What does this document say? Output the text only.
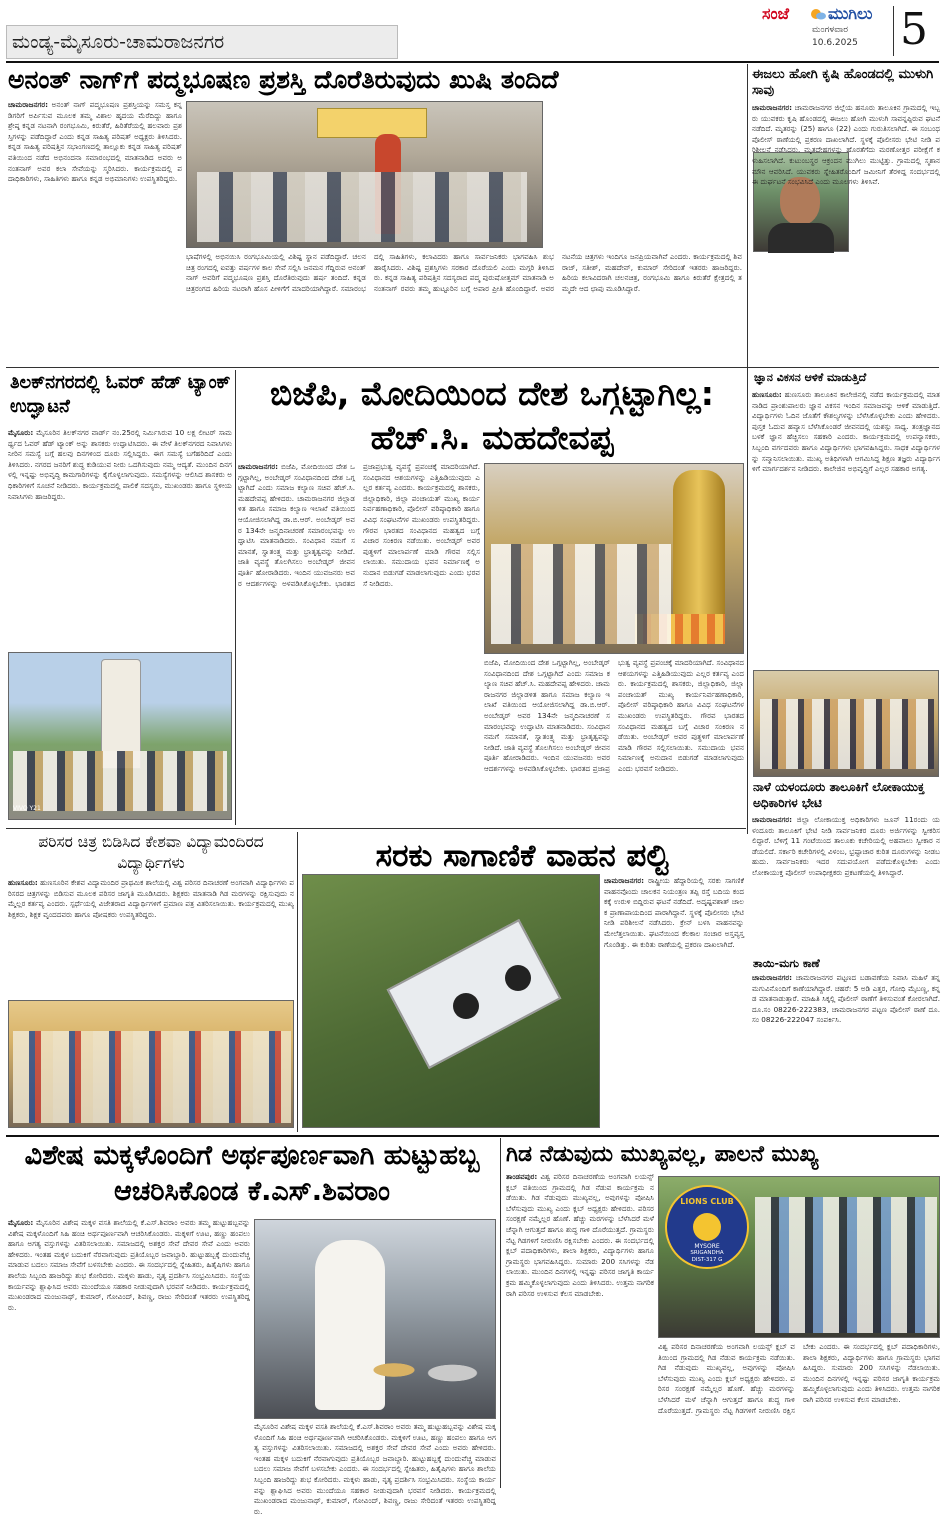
ಮಂಡ್ಯ-ಮೈಸೂರು-ಚಾಮರಾಜನಗರ
ಸಂಜೆ ಮುಗಿಲು
ಮಂಗಳವಾರ
10.6.2025 5
ಅನಂತ್ ನಾಗ್‌ಗೆ ಪದ್ಮಭೂಷಣ ಪ್ರಶಸ್ತಿ ದೊರೆತಿರುವುದು ಖುಷಿ ತಂದಿದೆ
ಚಾಮರಾಜನಗರ: ಅನಂತ್ ನಾಗ್ ಪದ್ಮಭೂಷಣ ಪ್ರಶಸ್ತಿಯನ್ನು ಸಮಸ್ತ ಕನ್ನಡಿಗರಿಗೆ ಅರ್ಪಿಸುವ ಮೂಲಕ ತಮ್ಮ ವಿಶಾಲ ಹೃದಯ ಮೆರೆದಿದ್ದು ಹಾಗೂ ಶ್ರೇಷ್ಠ ಕನ್ನಡ ನಟನಾಗಿ ರಂಗಭೂಮಿ, ಕಿರುತೆರೆ, ಹಿರಿತೆರೆಯಲ್ಲಿ ಹಲವಾರು ಪ್ರಶಸ್ತಿಗಳನ್ನು ಪಡೆದಿದ್ದಾರೆ ಎಂದು ಕನ್ನಡ ಸಾಹಿತ್ಯ ಪರಿಷತ್ ಅಧ್ಯಕ್ಷರು ತಿಳಿಸಿದರು. ಕನ್ನಡ ಸಾಹಿತ್ಯ ಪರಿಷತ್ತಿನ ಸಭಾಂಗಣದಲ್ಲಿ ತಾಲ್ಲೂಕು ಕನ್ನಡ ಸಾಹಿತ್ಯ ಪರಿಷತ್ ವತಿಯಿಂದ ನಡೆದ ಅಭಿನಂದನಾ ಸಮಾರಂಭದಲ್ಲಿ ಮಾತನಾಡಿದ ಅವರು ಅನಂತನಾಗ್ ಅವರ ಕಲಾ ಸೇವೆಯನ್ನು ಸ್ಮರಿಸಿದರು. ಕಾರ್ಯಕ್ರಮದಲ್ಲಿ ಪದಾಧಿಕಾರಿಗಳು, ಸಾಹಿತಿಗಳು ಹಾಗೂ ಕನ್ನಡ ಅಭಿಮಾನಿಗಳು ಉಪಸ್ಥಿತರಿದ್ದರು.
ಭಾಷೆಗಳಲ್ಲಿ ಅಭಿನಯಿಸಿ ರಂಗಭೂಮಿಯಲ್ಲಿ ವಿಶಿಷ್ಟ ಸ್ಥಾನ ಪಡೆದಿದ್ದಾರೆ. ಚಲನಚಿತ್ರ ರಂಗದಲ್ಲಿ ಐವತ್ತು ವರ್ಷಗಳ ಕಾಲ ಸೇವೆ ಸಲ್ಲಿಸಿ ಜನಮನ ಗೆದ್ದಿರುವ ಅನಂತ್ ನಾಗ್ ಅವರಿಗೆ ಪದ್ಮಭೂಷಣ ಪ್ರಶಸ್ತಿ ದೊರೆತಿರುವುದು ಹರ್ಷ ತಂದಿದೆ. ಕನ್ನಡ ಚಿತ್ರರಂಗದ ಹಿರಿಯ ನಟರಾಗಿ ಹೊಸ ಪೀಳಿಗೆಗೆ ಮಾದರಿಯಾಗಿದ್ದಾರೆ. ಸಮಾರಂಭದಲ್ಲಿ ಸಾಹಿತಿಗಳು, ಕಲಾವಿದರು ಹಾಗೂ ಸಾರ್ವಜನಿಕರು ಭಾಗವಹಿಸಿ ಶುಭ ಹಾರೈಸಿದರು. ವಿಶಿಷ್ಟ ಪ್ರಶಸ್ತಿಗಳು ಸರಕಾರ ದೊರೆಯಲಿ ಎಂದು ಮಗ್ಗರಿ ತಿಳಿಸಿದರು. ಕನ್ನಡ ಸಾಹಿತ್ಯ ಪರಿಷತ್ತಿನ ಸದಸ್ಯರಾದ ಪದ್ಮ ಪುರುಷೋತ್ತಮ್ ಮಾತನಾಡಿ ಅನಂತನಾಗ್ ರವರು ತಮ್ಮ ಹುಟ್ಟೂರಿನ ಬಗ್ಗೆ ಅಪಾರ ಪ್ರೀತಿ ಹೊಂದಿದ್ದಾರೆ. ಅವರ ನಟನೆಯ ಚಿತ್ರಗಳು ಇಂದಿಗೂ ಜನಪ್ರಿಯವಾಗಿವೆ ಎಂದರು. ಕಾರ್ಯಕ್ರಮದಲ್ಲಿ ಶಿವರಾಜ್, ಸತೀಶ್, ಮಹದೇವ್, ಕುಮಾರ್ ಸೇರಿದಂತೆ ಇತರರು ಹಾಜರಿದ್ದರು. ಹಿರಿಯ ಕಲಾವಿದರಾಗಿ ಚಲನಚಿತ್ರ, ರಂಗಭೂಮಿ ಹಾಗೂ ಕಿರುತೆರೆ ಕ್ಷೇತ್ರದಲ್ಲಿ ತಮ್ಮದೇ ಆದ ಛಾಪು ಮೂಡಿಸಿದ್ದಾರೆ.
ಈಜಲು ಹೋಗಿ ಕೃಷಿ ಹೊಂಡದಲ್ಲಿ ಮುಳುಗಿ ಸಾವು
ಚಾಮರಾಜನಗರ: ಚಾಮರಾಜನಗರ ಜಿಲ್ಲೆಯ ಹನೂರು ತಾಲೂಕಿನ ಗ್ರಾಮದಲ್ಲಿ ಇಬ್ಬರು ಯುವಕರು ಕೃಷಿ ಹೊಂಡದಲ್ಲಿ ಈಜಲು ಹೋಗಿ ಮುಳುಗಿ ಸಾವನ್ನಪ್ಪಿರುವ ಘಟನೆ ನಡೆದಿದೆ. ಮೃತರನ್ನು (25) ಹಾಗೂ (22) ಎಂದು ಗುರುತಿಸಲಾಗಿದೆ. ಈ ಸಂಬಂಧ ಪೊಲೀಸ್ ಠಾಣೆಯಲ್ಲಿ ಪ್ರಕರಣ ದಾಖಲಾಗಿದೆ. ಸ್ಥಳಕ್ಕೆ ಪೊಲೀಸರು ಭೇಟಿ ನೀಡಿ ಪರಿಶೀಲನೆ ನಡೆಸಿದರು. ಮೃತದೇಹಗಳನ್ನು ಹೊರತೆಗೆದು ಮರಣೋತ್ತರ ಪರೀಕ್ಷೆಗೆ ಕಳುಹಿಸಲಾಗಿದೆ. ಕುಟುಂಬಸ್ಥರ ಆಕ್ರಂದನ ಮುಗಿಲು ಮುಟ್ಟಿತ್ತು. ಗ್ರಾಮದಲ್ಲಿ ಸ್ಮಶಾನ ಮೌನ ಆವರಿಸಿದೆ. ಯುವಕರು ಸ್ನೇಹಿತರೊಂದಿಗೆ ಜಮೀನಿಗೆ ತೆರಳಿದ್ದ ಸಂದರ್ಭದಲ್ಲಿ ಈ ದುರ್ಘಟನೆ ಸಂಭವಿಸಿದೆ ಎಂದು ಮೂಲಗಳು ತಿಳಿಸಿವೆ.
ತಿಲಕ್‌ನಗರದಲ್ಲಿ ಓವರ್ ಹೆಡ್ ಟ್ಯಾಂಕ್ ಉದ್ಘಾಟನೆ
ಮೈಸೂರು: ಮೈಸೂರಿನ ತಿಲಕ್‌ನಗರ ವಾರ್ಡ್ ನಂ.25ರಲ್ಲಿ ನಿರ್ಮಿಸಿರುವ 10 ಲಕ್ಷ ಲೀಟರ್ ಸಾಮರ್ಥ್ಯದ ಓವರ್ ಹೆಡ್ ಟ್ಯಾಂಕ್ ಅನ್ನು ಶಾಸಕರು ಉದ್ಘಾಟಿಸಿದರು. ಈ ವೇಳೆ ತಿಲಕ್‌ನಗರದ ನಿವಾಸಿಗಳು ನೀರಿನ ಸಮಸ್ಯೆ ಬಗ್ಗೆ ಹಲವು ದಿನಗಳಿಂದ ದೂರು ಸಲ್ಲಿಸಿದ್ದರು. ಈಗ ಸಮಸ್ಯೆ ಬಗೆಹರಿದಿದೆ ಎಂದು ತಿಳಿಸಿದರು. ನಗರದ ಜನರಿಗೆ ಶುದ್ಧ ಕುಡಿಯುವ ನೀರು ಒದಗಿಸುವುದು ನಮ್ಮ ಆದ್ಯತೆ. ಮುಂದಿನ ದಿನಗಳಲ್ಲಿ ಇನ್ನಷ್ಟು ಅಭಿವೃದ್ಧಿ ಕಾಮಗಾರಿಗಳನ್ನು ಕೈಗೊಳ್ಳಲಾಗುವುದು. ಸಮಸ್ಯೆಗಳನ್ನು ಆಲಿಸಿದ ಶಾಸಕರು ಅಧಿಕಾರಿಗಳಿಗೆ ಸೂಚನೆ ನೀಡಿದರು. ಕಾರ್ಯಕ್ರಮದಲ್ಲಿ ಪಾಲಿಕೆ ಸದಸ್ಯರು, ಮುಖಂಡರು ಹಾಗೂ ಸ್ಥಳೀಯ ನಿವಾಸಿಗಳು ಹಾಜರಿದ್ದರು.
VIVO Y21
ಬಿಜೆಪಿ, ಮೋದಿಯಿಂದ ದೇಶ ಒಗ್ಗಟ್ಟಾಗಿಲ್ಲ: ಹೆಚ್.ಸಿ. ಮಹದೇವಪ್ಪ
ಚಾಮರಾಜನಗರ: ಬಿಜೆಪಿ, ಮೋದಿಯಿಂದ ದೇಶ ಒಗ್ಗಟ್ಟಾಗಿಲ್ಲ, ಅಂಬೇಡ್ಕರ್ ಸಂವಿಧಾನದಿಂದ ದೇಶ ಒಗ್ಗಟ್ಟಾಗಿದೆ ಎಂದು ಸಮಾಜ ಕಲ್ಯಾಣ ಸಚಿವ ಹೆಚ್.ಸಿ. ಮಹದೇವಪ್ಪ ಹೇಳಿದರು. ಚಾಮರಾಜನಗರ ಜಿಲ್ಲಾಡಳಿತ ಹಾಗೂ ಸಮಾಜ ಕಲ್ಯಾಣ ಇಲಾಖೆ ವತಿಯಿಂದ ಆಯೋಜಿಸಲಾಗಿದ್ದ ಡಾ.ಬಿ.ಆರ್. ಅಂಬೇಡ್ಕರ್ ಅವರ 134ನೇ ಜನ್ಮದಿನಾಚರಣೆ ಸಮಾರಂಭವನ್ನು ಉದ್ಘಾಟಿಸಿ ಮಾತನಾಡಿದರು. ಸಂವಿಧಾನ ನಮಗೆ ಸಮಾನತೆ, ಸ್ವಾತಂತ್ರ್ಯ ಮತ್ತು ಭ್ರಾತೃತ್ವವನ್ನು ನೀಡಿದೆ. ಜಾತಿ ವ್ಯವಸ್ಥೆ ತೊಲಗಿಸಲು ಅಂಬೇಡ್ಕರ್ ಜೀವನಪೂರ್ತಿ ಹೋರಾಡಿದರು. ಇಂದಿನ ಯುವಜನರು ಅವರ ಆದರ್ಶಗಳನ್ನು ಅಳವಡಿಸಿಕೊಳ್ಳಬೇಕು. ಭಾರತದ ಪ್ರಜಾಪ್ರಭುತ್ವ ವ್ಯವಸ್ಥೆ ಪ್ರಪಂಚಕ್ಕೆ ಮಾದರಿಯಾಗಿದೆ. ಸಂವಿಧಾನದ ಆಶಯಗಳನ್ನು ಎತ್ತಿಹಿಡಿಯುವುದು ಎಲ್ಲರ ಕರ್ತವ್ಯ ಎಂದರು. ಕಾರ್ಯಕ್ರಮದಲ್ಲಿ ಶಾಸಕರು, ಜಿಲ್ಲಾಧಿಕಾರಿ, ಜಿಲ್ಲಾ ಪಂಚಾಯತ್ ಮುಖ್ಯ ಕಾರ್ಯನಿರ್ವಹಣಾಧಿಕಾರಿ, ಪೊಲೀಸ್ ವರಿಷ್ಠಾಧಿಕಾರಿ ಹಾಗೂ ವಿವಿಧ ಸಂಘಟನೆಗಳ ಮುಖಂಡರು ಉಪಸ್ಥಿತರಿದ್ದರು. ಗೌರವ ಭಾರತದ ಸಂವಿಧಾನದ ಮಹತ್ವದ ಬಗ್ಗೆ ವಿಚಾರ ಸಂಕಿರಣ ನಡೆಯಿತು. ಅಂಬೇಡ್ಕರ್ ಅವರ ಪುತ್ಥಳಿಗೆ ಮಾಲಾರ್ಪಣೆ ಮಾಡಿ ಗೌರವ ಸಲ್ಲಿಸಲಾಯಿತು. ಸಮುದಾಯ ಭವನ ನಿರ್ಮಾಣಕ್ಕೆ ಅನುದಾನ ಬಿಡುಗಡೆ ಮಾಡಲಾಗುವುದು ಎಂದು ಭರವಸೆ ನೀಡಿದರು.
ಬಿಜೆಪಿ, ಮೋದಿಯಿಂದ ದೇಶ ಒಗ್ಗಟ್ಟಾಗಿಲ್ಲ, ಅಂಬೇಡ್ಕರ್ ಸಂವಿಧಾನದಿಂದ ದೇಶ ಒಗ್ಗಟ್ಟಾಗಿದೆ ಎಂದು ಸಮಾಜ ಕಲ್ಯಾಣ ಸಚಿವ ಹೆಚ್.ಸಿ. ಮಹದೇವಪ್ಪ ಹೇಳಿದರು. ಚಾಮರಾಜನಗರ ಜಿಲ್ಲಾಡಳಿತ ಹಾಗೂ ಸಮಾಜ ಕಲ್ಯಾಣ ಇಲಾಖೆ ವತಿಯಿಂದ ಆಯೋಜಿಸಲಾಗಿದ್ದ ಡಾ.ಬಿ.ಆರ್. ಅಂಬೇಡ್ಕರ್ ಅವರ 134ನೇ ಜನ್ಮದಿನಾಚರಣೆ ಸಮಾರಂಭವನ್ನು ಉದ್ಘಾಟಿಸಿ ಮಾತನಾಡಿದರು. ಸಂವಿಧಾನ ನಮಗೆ ಸಮಾನತೆ, ಸ್ವಾತಂತ್ರ್ಯ ಮತ್ತು ಭ್ರಾತೃತ್ವವನ್ನು ನೀಡಿದೆ. ಜಾತಿ ವ್ಯವಸ್ಥೆ ತೊಲಗಿಸಲು ಅಂಬೇಡ್ಕರ್ ಜೀವನಪೂರ್ತಿ ಹೋರಾಡಿದರು. ಇಂದಿನ ಯುವಜನರು ಅವರ ಆದರ್ಶಗಳನ್ನು ಅಳವಡಿಸಿಕೊಳ್ಳಬೇಕು. ಭಾರತದ ಪ್ರಜಾಪ್ರಭುತ್ವ ವ್ಯವಸ್ಥೆ ಪ್ರಪಂಚಕ್ಕೆ ಮಾದರಿಯಾಗಿದೆ. ಸಂವಿಧಾನದ ಆಶಯಗಳನ್ನು ಎತ್ತಿಹಿಡಿಯುವುದು ಎಲ್ಲರ ಕರ್ತವ್ಯ ಎಂದರು. ಕಾರ್ಯಕ್ರಮದಲ್ಲಿ ಶಾಸಕರು, ಜಿಲ್ಲಾಧಿಕಾರಿ, ಜಿಲ್ಲಾ ಪಂಚಾಯತ್ ಮುಖ್ಯ ಕಾರ್ಯನಿರ್ವಹಣಾಧಿಕಾರಿ, ಪೊಲೀಸ್ ವರಿಷ್ಠಾಧಿಕಾರಿ ಹಾಗೂ ವಿವಿಧ ಸಂಘಟನೆಗಳ ಮುಖಂಡರು ಉಪಸ್ಥಿತರಿದ್ದರು. ಗೌರವ ಭಾರತದ ಸಂವಿಧಾನದ ಮಹತ್ವದ ಬಗ್ಗೆ ವಿಚಾರ ಸಂಕಿರಣ ನಡೆಯಿತು. ಅಂಬೇಡ್ಕರ್ ಅವರ ಪುತ್ಥಳಿಗೆ ಮಾಲಾರ್ಪಣೆ ಮಾಡಿ ಗೌರವ ಸಲ್ಲಿಸಲಾಯಿತು. ಸಮುದಾಯ ಭವನ ನಿರ್ಮಾಣಕ್ಕೆ ಅನುದಾನ ಬಿಡುಗಡೆ ಮಾಡಲಾಗುವುದು ಎಂದು ಭರವಸೆ ನೀಡಿದರು.
ಜ್ಞಾನ ವಿಕಸನ ಆಳಿಕೆ ಮಾಡುತ್ತಿದೆ
ಹುಣಸೂರು: ಹುಣಸೂರು ತಾಲೂಕಿನ ಕಾಲೇಜಿನಲ್ಲಿ ನಡೆದ ಕಾರ್ಯಕ್ರಮದಲ್ಲಿ ಮಾತನಾಡಿದ ಪ್ರಾಂಶುಪಾಲರು ಜ್ಞಾನ ವಿಕಸನ ಇಂದಿನ ಸಮಾಜವನ್ನು ಆಳಿಕೆ ಮಾಡುತ್ತಿದೆ. ವಿದ್ಯಾರ್ಥಿಗಳು ಓದಿನ ಜೊತೆಗೆ ಕೌಶಲ್ಯಗಳನ್ನು ಬೆಳೆಸಿಕೊಳ್ಳಬೇಕು ಎಂದು ಹೇಳಿದರು. ಪುಸ್ತಕ ಓದುವ ಹವ್ಯಾಸ ಬೆಳೆಸಿಕೊಂಡರೆ ಜೀವನದಲ್ಲಿ ಯಶಸ್ಸು ಸಾಧ್ಯ. ತಂತ್ರಜ್ಞಾನದ ಬಳಕೆ ಜ್ಞಾನ ಹೆಚ್ಚಿಸಲು ಸಹಕಾರಿ ಎಂದರು. ಕಾರ್ಯಕ್ರಮದಲ್ಲಿ ಉಪನ್ಯಾಸಕರು, ಸಿಬ್ಬಂದಿ ವರ್ಗದವರು ಹಾಗೂ ವಿದ್ಯಾರ್ಥಿಗಳು ಭಾಗವಹಿಸಿದ್ದರು. ಸಾಧಕ ವಿದ್ಯಾರ್ಥಿಗಳನ್ನು ಸನ್ಮಾನಿಸಲಾಯಿತು. ಮುಖ್ಯ ಅತಿಥಿಗಳಾಗಿ ಆಗಮಿಸಿದ್ದ ಶಿಕ್ಷಣ ತಜ್ಞರು ವಿದ್ಯಾರ್ಥಿಗಳಿಗೆ ಮಾರ್ಗದರ್ಶನ ನೀಡಿದರು. ಕಾಲೇಜಿನ ಅಭಿವೃದ್ಧಿಗೆ ಎಲ್ಲರ ಸಹಕಾರ ಅಗತ್ಯ.
ನಾಳೆ ಯಳಂದೂರು ತಾಲೂಕಿಗೆ ಲೋಕಾಯುಕ್ತ ಅಧಿಕಾರಿಗಳ ಭೇಟಿ
ಚಾಮರಾಜನಗರ: ಜಿಲ್ಲಾ ಲೋಕಾಯುಕ್ತ ಅಧಿಕಾರಿಗಳು ಜೂನ್ 11ರಂದು ಯಳಂದೂರು ತಾಲೂಕಿಗೆ ಭೇಟಿ ನೀಡಿ ಸಾರ್ವಜನಿಕರ ದೂರು ಅರ್ಜಿಗಳನ್ನು ಸ್ವೀಕರಿಸಲಿದ್ದಾರೆ. ಬೆಳಿಗ್ಗೆ 11 ಗಂಟೆಯಿಂದ ತಾಲೂಕು ಕಚೇರಿಯಲ್ಲಿ ಅಹವಾಲು ಸ್ವೀಕಾರ ನಡೆಯಲಿದೆ. ಸರ್ಕಾರಿ ಕಚೇರಿಗಳಲ್ಲಿ ವಿಳಂಬ, ಭ್ರಷ್ಟಾಚಾರ ಕುರಿತ ದೂರುಗಳನ್ನು ನೀಡಬಹುದು. ಸಾರ್ವಜನಿಕರು ಇದರ ಸದುಪಯೋಗ ಪಡೆದುಕೊಳ್ಳಬೇಕು ಎಂದು ಲೋಕಾಯುಕ್ತ ಪೊಲೀಸ್ ಉಪಾಧೀಕ್ಷಕರು ಪ್ರಕಟಣೆಯಲ್ಲಿ ತಿಳಿಸಿದ್ದಾರೆ.
ತಾಯಿ-ಮಗು ಕಾಣೆ
ಚಾಮರಾಜನಗರ: ಚಾಮರಾಜನಗರ ಪಟ್ಟಣದ ಬಡಾವಣೆಯ ನಿವಾಸಿ ಮಹಿಳೆ ತನ್ನ ಮಗುವಿನೊಂದಿಗೆ ಕಾಣೆಯಾಗಿದ್ದಾರೆ. ಚಹರೆ: 5 ಅಡಿ ಎತ್ತರ, ಗೋಧಿ ಮೈಬಣ್ಣ, ಕನ್ನಡ ಮಾತನಾಡುತ್ತಾರೆ. ಮಾಹಿತಿ ಸಿಕ್ಕಲ್ಲಿ ಪೊಲೀಸ್ ಠಾಣೆಗೆ ತಿಳಿಸುವಂತೆ ಕೋರಲಾಗಿದೆ. ದೂ.ಸಂ 08226-222383, ಚಾಮರಾಜನಗರ ಪಟ್ಟಣ ಪೊಲೀಸ್ ಠಾಣೆ ದೂ.ಸಂ 08226-222047 ಸಂಪರ್ಕಿಸಿ.
ಪರಿಸರ ಚಿತ್ರ ಬಿಡಿಸಿದ ಕೇಶವಾ ವಿದ್ಯಾಮಂದಿರದ ವಿದ್ಯಾರ್ಥಿಗಳು
ಹುಣಸೂರು: ಹುಣಸೂರಿನ ಕೇಶವ ವಿದ್ಯಾಮಂದಿರ ಪ್ರಾಥಮಿಕ ಶಾಲೆಯಲ್ಲಿ ವಿಶ್ವ ಪರಿಸರ ದಿನಾಚರಣೆ ಅಂಗವಾಗಿ ವಿದ್ಯಾರ್ಥಿಗಳು ಪರಿಸರದ ಚಿತ್ರಗಳನ್ನು ಬಿಡಿಸುವ ಮೂಲಕ ಪರಿಸರ ಜಾಗೃತಿ ಮೂಡಿಸಿದರು. ಶಿಕ್ಷಕರು ಮಾತನಾಡಿ ಗಿಡ ಮರಗಳನ್ನು ರಕ್ಷಿಸುವುದು ನಮ್ಮೆಲ್ಲರ ಕರ್ತವ್ಯ ಎಂದರು. ಸ್ಪರ್ಧೆಯಲ್ಲಿ ವಿಜೇತರಾದ ವಿದ್ಯಾರ್ಥಿಗಳಿಗೆ ಪ್ರಮಾಣ ಪತ್ರ ವಿತರಿಸಲಾಯಿತು. ಕಾರ್ಯಕ್ರಮದಲ್ಲಿ ಮುಖ್ಯ ಶಿಕ್ಷಕರು, ಶಿಕ್ಷಕ ವೃಂದದವರು ಹಾಗೂ ಪೋಷಕರು ಉಪಸ್ಥಿತರಿದ್ದರು.
ಸರಕು ಸಾಗಾಣಿಕೆ ವಾಹನ ಪಲ್ಟಿ
ಚಾಮರಾಜನಗರ: ರಾಷ್ಟ್ರೀಯ ಹೆದ್ದಾರಿಯಲ್ಲಿ ಸರಕು ಸಾಗಣಿಕೆ ವಾಹನವೊಂದು ಚಾಲಕನ ನಿಯಂತ್ರಣ ತಪ್ಪಿ ರಸ್ತೆ ಬದಿಯ ಕಂದಕಕ್ಕೆ ಉರುಳಿ ಬಿದ್ದಿರುವ ಘಟನೆ ನಡೆದಿದೆ. ಅದೃಷ್ಟವಶಾತ್ ಚಾಲಕ ಪ್ರಾಣಾಪಾಯದಿಂದ ಪಾರಾಗಿದ್ದಾನೆ. ಸ್ಥಳಕ್ಕೆ ಪೊಲೀಸರು ಭೇಟಿ ನೀಡಿ ಪರಿಶೀಲನೆ ನಡೆಸಿದರು. ಕ್ರೇನ್ ಬಳಸಿ ವಾಹನವನ್ನು ಮೇಲೆತ್ತಲಾಯಿತು. ಘಟನೆಯಿಂದ ಕೆಲಕಾಲ ಸಂಚಾರ ಅಸ್ತವ್ಯಸ್ತಗೊಂಡಿತ್ತು. ಈ ಕುರಿತು ಠಾಣೆಯಲ್ಲಿ ಪ್ರಕರಣ ದಾಖಲಾಗಿದೆ.
ವಿಶೇಷ ಮಕ್ಕಳೊಂದಿಗೆ ಅರ್ಥಪೂರ್ಣವಾಗಿ ಹುಟ್ಟುಹಬ್ಬ ಆಚರಿಸಿಕೊಂಡ ಕೆ.ಎಸ್.ಶಿವರಾಂ
ಮೈಸೂರು: ಮೈಸೂರಿನ ವಿಶೇಷ ಮಕ್ಕಳ ವಸತಿ ಶಾಲೆಯಲ್ಲಿ ಕೆ.ಎಸ್.ಶಿವರಾಂ ಅವರು ತಮ್ಮ ಹುಟ್ಟುಹಬ್ಬವನ್ನು ವಿಶೇಷ ಮಕ್ಕಳೊಂದಿಗೆ ಸಿಹಿ ಹಂಚಿ ಅರ್ಥಪೂರ್ಣವಾಗಿ ಆಚರಿಸಿಕೊಂಡರು. ಮಕ್ಕಳಿಗೆ ಊಟ, ಹಣ್ಣು ಹಂಪಲು ಹಾಗೂ ಅಗತ್ಯ ವಸ್ತುಗಳನ್ನು ವಿತರಿಸಲಾಯಿತು. ಸಮಾಜದಲ್ಲಿ ಅಶಕ್ತರ ಸೇವೆ ದೇವರ ಸೇವೆ ಎಂದು ಅವರು ಹೇಳಿದರು. ಇಂತಹ ಮಕ್ಕಳ ಬದುಕಿಗೆ ನೆರವಾಗುವುದು ಪ್ರತಿಯೊಬ್ಬರ ಜವಾಬ್ದಾರಿ. ಹುಟ್ಟುಹಬ್ಬಕ್ಕೆ ದುಂದುವೆಚ್ಚ ಮಾಡುವ ಬದಲು ಸಮಾಜ ಸೇವೆಗೆ ಬಳಸಬೇಕು ಎಂದರು. ಈ ಸಂದರ್ಭದಲ್ಲಿ ಸ್ನೇಹಿತರು, ಹಿತೈಷಿಗಳು ಹಾಗೂ ಶಾಲೆಯ ಸಿಬ್ಬಂದಿ ಹಾಜರಿದ್ದು ಶುಭ ಕೋರಿದರು. ಮಕ್ಕಳು ಹಾಡು, ನೃತ್ಯ ಪ್ರದರ್ಶಿಸಿ ಸಂಭ್ರಮಿಸಿದರು. ಸಂಸ್ಥೆಯ ಕಾರ್ಯವನ್ನು ಶ್ಲಾಘಿಸಿದ ಅವರು ಮುಂದೆಯೂ ಸಹಕಾರ ನೀಡುವುದಾಗಿ ಭರವಸೆ ನೀಡಿದರು. ಕಾರ್ಯಕ್ರಮದಲ್ಲಿ ಮುಖಂಡರಾದ ಮಂಜುನಾಥ್, ಕುಮಾರ್, ಗೋವಿಂದ್, ಶಿವಣ್ಣ, ರಾಜು ಸೇರಿದಂತೆ ಇತರರು ಉಪಸ್ಥಿತರಿದ್ದರು.
ಮೈಸೂರಿನ ವಿಶೇಷ ಮಕ್ಕಳ ವಸತಿ ಶಾಲೆಯಲ್ಲಿ ಕೆ.ಎಸ್.ಶಿವರಾಂ ಅವರು ತಮ್ಮ ಹುಟ್ಟುಹಬ್ಬವನ್ನು ವಿಶೇಷ ಮಕ್ಕಳೊಂದಿಗೆ ಸಿಹಿ ಹಂಚಿ ಅರ್ಥಪೂರ್ಣವಾಗಿ ಆಚರಿಸಿಕೊಂಡರು. ಮಕ್ಕಳಿಗೆ ಊಟ, ಹಣ್ಣು ಹಂಪಲು ಹಾಗೂ ಅಗತ್ಯ ವಸ್ತುಗಳನ್ನು ವಿತರಿಸಲಾಯಿತು. ಸಮಾಜದಲ್ಲಿ ಅಶಕ್ತರ ಸೇವೆ ದೇವರ ಸೇವೆ ಎಂದು ಅವರು ಹೇಳಿದರು. ಇಂತಹ ಮಕ್ಕಳ ಬದುಕಿಗೆ ನೆರವಾಗುವುದು ಪ್ರತಿಯೊಬ್ಬರ ಜವಾಬ್ದಾರಿ. ಹುಟ್ಟುಹಬ್ಬಕ್ಕೆ ದುಂದುವೆಚ್ಚ ಮಾಡುವ ಬದಲು ಸಮಾಜ ಸೇವೆಗೆ ಬಳಸಬೇಕು ಎಂದರು. ಈ ಸಂದರ್ಭದಲ್ಲಿ ಸ್ನೇಹಿತರು, ಹಿತೈಷಿಗಳು ಹಾಗೂ ಶಾಲೆಯ ಸಿಬ್ಬಂದಿ ಹಾಜರಿದ್ದು ಶುಭ ಕೋರಿದರು. ಮಕ್ಕಳು ಹಾಡು, ನೃತ್ಯ ಪ್ರದರ್ಶಿಸಿ ಸಂಭ್ರಮಿಸಿದರು. ಸಂಸ್ಥೆಯ ಕಾರ್ಯವನ್ನು ಶ್ಲಾಘಿಸಿದ ಅವರು ಮುಂದೆಯೂ ಸಹಕಾರ ನೀಡುವುದಾಗಿ ಭರವಸೆ ನೀಡಿದರು. ಕಾರ್ಯಕ್ರಮದಲ್ಲಿ ಮುಖಂಡರಾದ ಮಂಜುನಾಥ್, ಕುಮಾರ್, ಗೋವಿಂದ್, ಶಿವಣ್ಣ, ರಾಜು ಸೇರಿದಂತೆ ಇತರರು ಉಪಸ್ಥಿತರಿದ್ದರು.
ಗಿಡ ನೆಡುವುದು ಮುಖ್ಯವಲ್ಲ, ಪಾಲನೆ ಮುಖ್ಯ
ತಾಂಡವಪುರ: ವಿಶ್ವ ಪರಿಸರ ದಿನಾಚರಣೆಯ ಅಂಗವಾಗಿ ಲಯನ್ಸ್ ಕ್ಲಬ್ ವತಿಯಿಂದ ಗ್ರಾಮದಲ್ಲಿ ಗಿಡ ನೆಡುವ ಕಾರ್ಯಕ್ರಮ ನಡೆಯಿತು. ಗಿಡ ನೆಡುವುದು ಮುಖ್ಯವಲ್ಲ, ಅವುಗಳನ್ನು ಪೋಷಿಸಿ ಬೆಳೆಸುವುದು ಮುಖ್ಯ ಎಂದು ಕ್ಲಬ್ ಅಧ್ಯಕ್ಷರು ಹೇಳಿದರು. ಪರಿಸರ ಸಂರಕ್ಷಣೆ ನಮ್ಮೆಲ್ಲರ ಹೊಣೆ. ಹೆಚ್ಚು ಮರಗಳನ್ನು ಬೆಳೆಸಿದರೆ ಮಳೆ ಚೆನ್ನಾಗಿ ಆಗುತ್ತದೆ ಹಾಗೂ ಶುದ್ಧ ಗಾಳಿ ದೊರೆಯುತ್ತದೆ. ಗ್ರಾಮಸ್ಥರು ನೆಟ್ಟ ಗಿಡಗಳಿಗೆ ನೀರುಣಿಸಿ ರಕ್ಷಿಸಬೇಕು ಎಂದರು. ಈ ಸಂದರ್ಭದಲ್ಲಿ ಕ್ಲಬ್ ಪದಾಧಿಕಾರಿಗಳು, ಶಾಲಾ ಶಿಕ್ಷಕರು, ವಿದ್ಯಾರ್ಥಿಗಳು ಹಾಗೂ ಗ್ರಾಮಸ್ಥರು ಭಾಗವಹಿಸಿದ್ದರು. ಸುಮಾರು 200 ಸಸಿಗಳನ್ನು ನೆಡಲಾಯಿತು. ಮುಂದಿನ ದಿನಗಳಲ್ಲಿ ಇನ್ನಷ್ಟು ಪರಿಸರ ಜಾಗೃತಿ ಕಾರ್ಯಕ್ರಮ ಹಮ್ಮಿಕೊಳ್ಳಲಾಗುವುದು ಎಂದು ತಿಳಿಸಿದರು. ಉತ್ತಮ ನಾಗರಿಕರಾಗಿ ಪರಿಸರ ಉಳಿಸುವ ಕೆಲಸ ಮಾಡಬೇಕು.
LIONS CLUB
MYSORE
SRIGANDHA
DIST-317 G
ವಿಶ್ವ ಪರಿಸರ ದಿನಾಚರಣೆಯ ಅಂಗವಾಗಿ ಲಯನ್ಸ್ ಕ್ಲಬ್ ವತಿಯಿಂದ ಗ್ರಾಮದಲ್ಲಿ ಗಿಡ ನೆಡುವ ಕಾರ್ಯಕ್ರಮ ನಡೆಯಿತು. ಗಿಡ ನೆಡುವುದು ಮುಖ್ಯವಲ್ಲ, ಅವುಗಳನ್ನು ಪೋಷಿಸಿ ಬೆಳೆಸುವುದು ಮುಖ್ಯ ಎಂದು ಕ್ಲಬ್ ಅಧ್ಯಕ್ಷರು ಹೇಳಿದರು. ಪರಿಸರ ಸಂರಕ್ಷಣೆ ನಮ್ಮೆಲ್ಲರ ಹೊಣೆ. ಹೆಚ್ಚು ಮರಗಳನ್ನು ಬೆಳೆಸಿದರೆ ಮಳೆ ಚೆನ್ನಾಗಿ ಆಗುತ್ತದೆ ಹಾಗೂ ಶುದ್ಧ ಗಾಳಿ ದೊರೆಯುತ್ತದೆ. ಗ್ರಾಮಸ್ಥರು ನೆಟ್ಟ ಗಿಡಗಳಿಗೆ ನೀರುಣಿಸಿ ರಕ್ಷಿಸಬೇಕು ಎಂದರು. ಈ ಸಂದರ್ಭದಲ್ಲಿ ಕ್ಲಬ್ ಪದಾಧಿಕಾರಿಗಳು, ಶಾಲಾ ಶಿಕ್ಷಕರು, ವಿದ್ಯಾರ್ಥಿಗಳು ಹಾಗೂ ಗ್ರಾಮಸ್ಥರು ಭಾಗವಹಿಸಿದ್ದರು. ಸುಮಾರು 200 ಸಸಿಗಳನ್ನು ನೆಡಲಾಯಿತು. ಮುಂದಿನ ದಿನಗಳಲ್ಲಿ ಇನ್ನಷ್ಟು ಪರಿಸರ ಜಾಗೃತಿ ಕಾರ್ಯಕ್ರಮ ಹಮ್ಮಿಕೊಳ್ಳಲಾಗುವುದು ಎಂದು ತಿಳಿಸಿದರು. ಉತ್ತಮ ನಾಗರಿಕರಾಗಿ ಪರಿಸರ ಉಳಿಸುವ ಕೆಲಸ ಮಾಡಬೇಕು.
